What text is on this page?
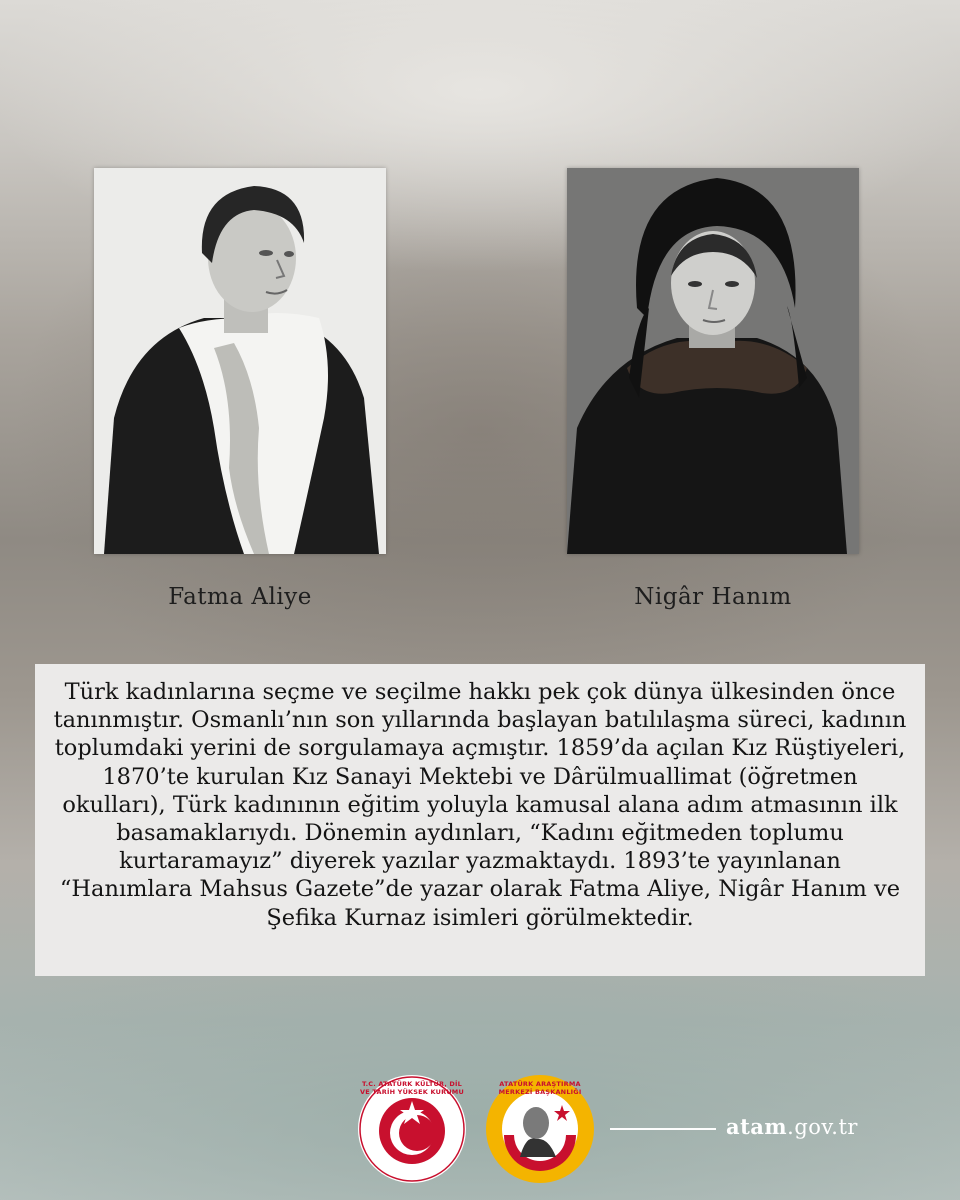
Fatma Aliye	Nigâr Hanım

Türk kadınlarına seçme ve seçilme hakkı pek çok dünya ülkesinden önce tanınmıştır. Osmanlı’nın son yıllarında başlayan batılılaşma süreci, kadının toplumdaki yerini de sorgulamaya açmıştır. 1859’da açılan Kız Rüştiyeleri, 1870’te kurulan Kız Sanayi Mektebi ve Dârülmuallimat (öğretmen okulları), Türk kadınının eğitim yoluyla kamusal alana adım atmasının ilk basamaklarıydı. Dönemin aydınları, “Kadını eğitmeden toplumu kurtaramayız” diyerek yazılar yazmaktaydı. 1893’te yayınlanan “Hanımlara Mahsus Gazete”de yazar olarak Fatma Aliye, Nigâr Hanım ve Şefika Kurnaz isimleri görülmektedir.

T.C. ATATÜRK KÜLTÜR, DİL VE TARİH YÜKSEK KURUMU
ATATÜRK ARAŞTIRMA MERKEZİ BAŞKANLIĞI
1983
atam.gov.tr
